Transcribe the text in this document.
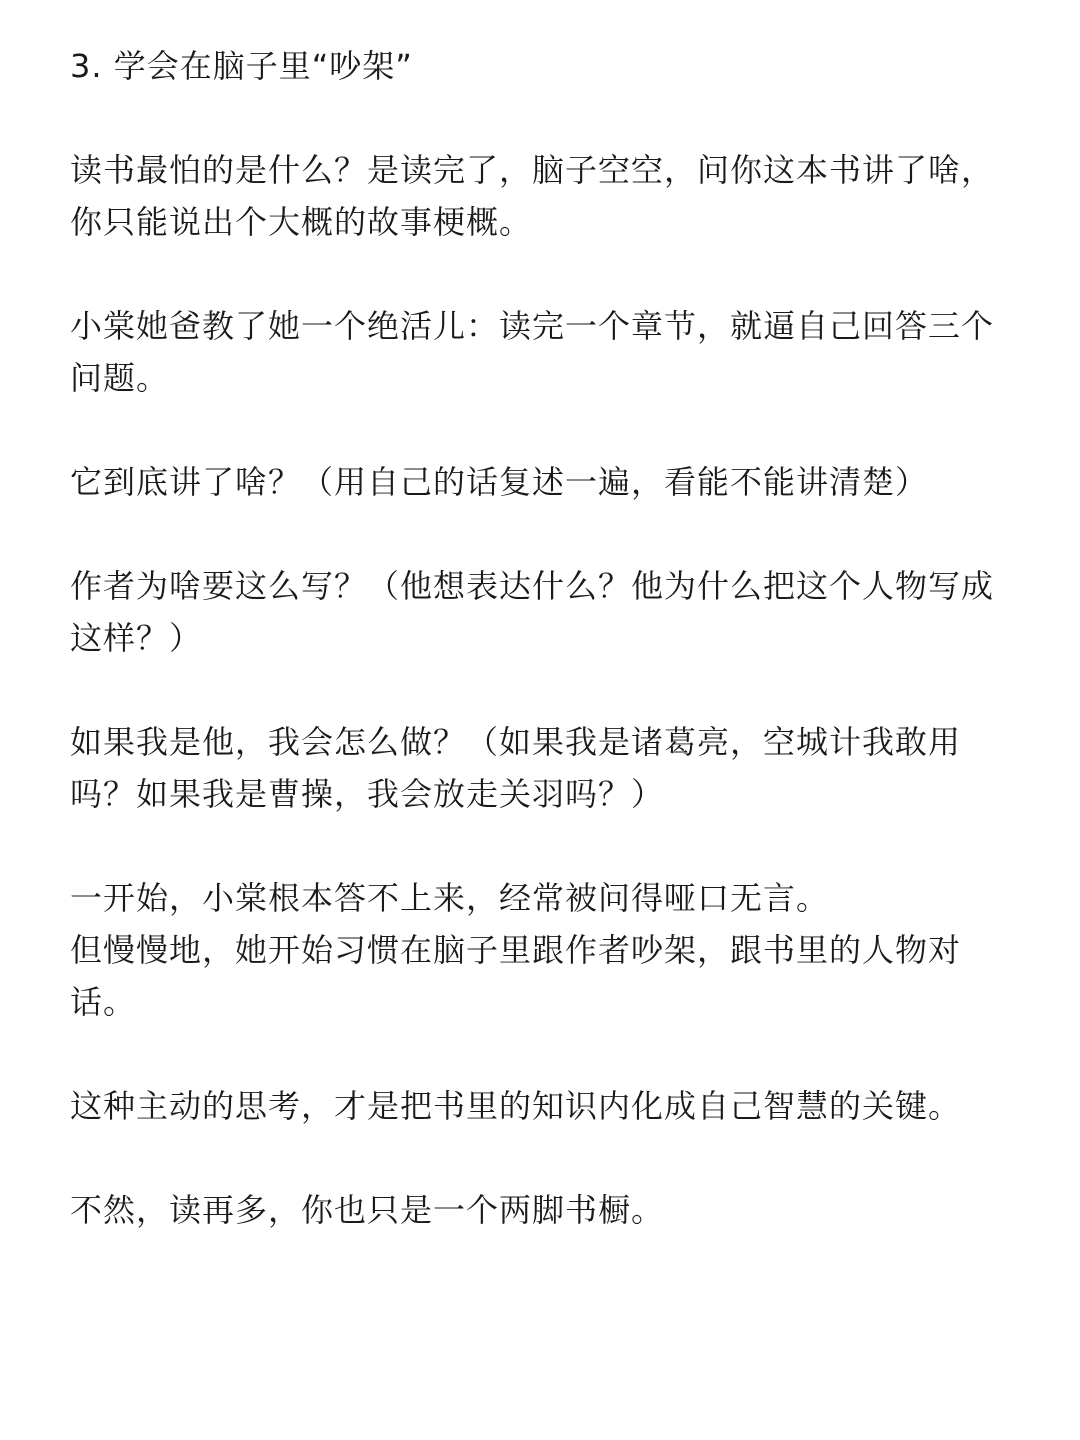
3. 学会在脑子里“吵架”

读书最怕的是什么？是读完了，脑子空空，问你这本书讲了啥，你只能说出个大概的故事梗概。

小棠她爸教了她一个绝活儿：读完一个章节，就逼自己回答三个问题。

它到底讲了啥？（用自己的话复述一遍，看能不能讲清楚）

作者为啥要这么写？（他想表达什么？他为什么把这个人物写成这样？）

如果我是他，我会怎么做？（如果我是诸葛亮，空城计我敢用吗？如果我是曹操，我会放走关羽吗？）

一开始，小棠根本答不上来，经常被问得哑口无言。
但慢慢地，她开始习惯在脑子里跟作者吵架，跟书里的人物对话。

这种主动的思考，才是把书里的知识内化成自己智慧的关键。

不然，读再多，你也只是一个两脚书橱。
